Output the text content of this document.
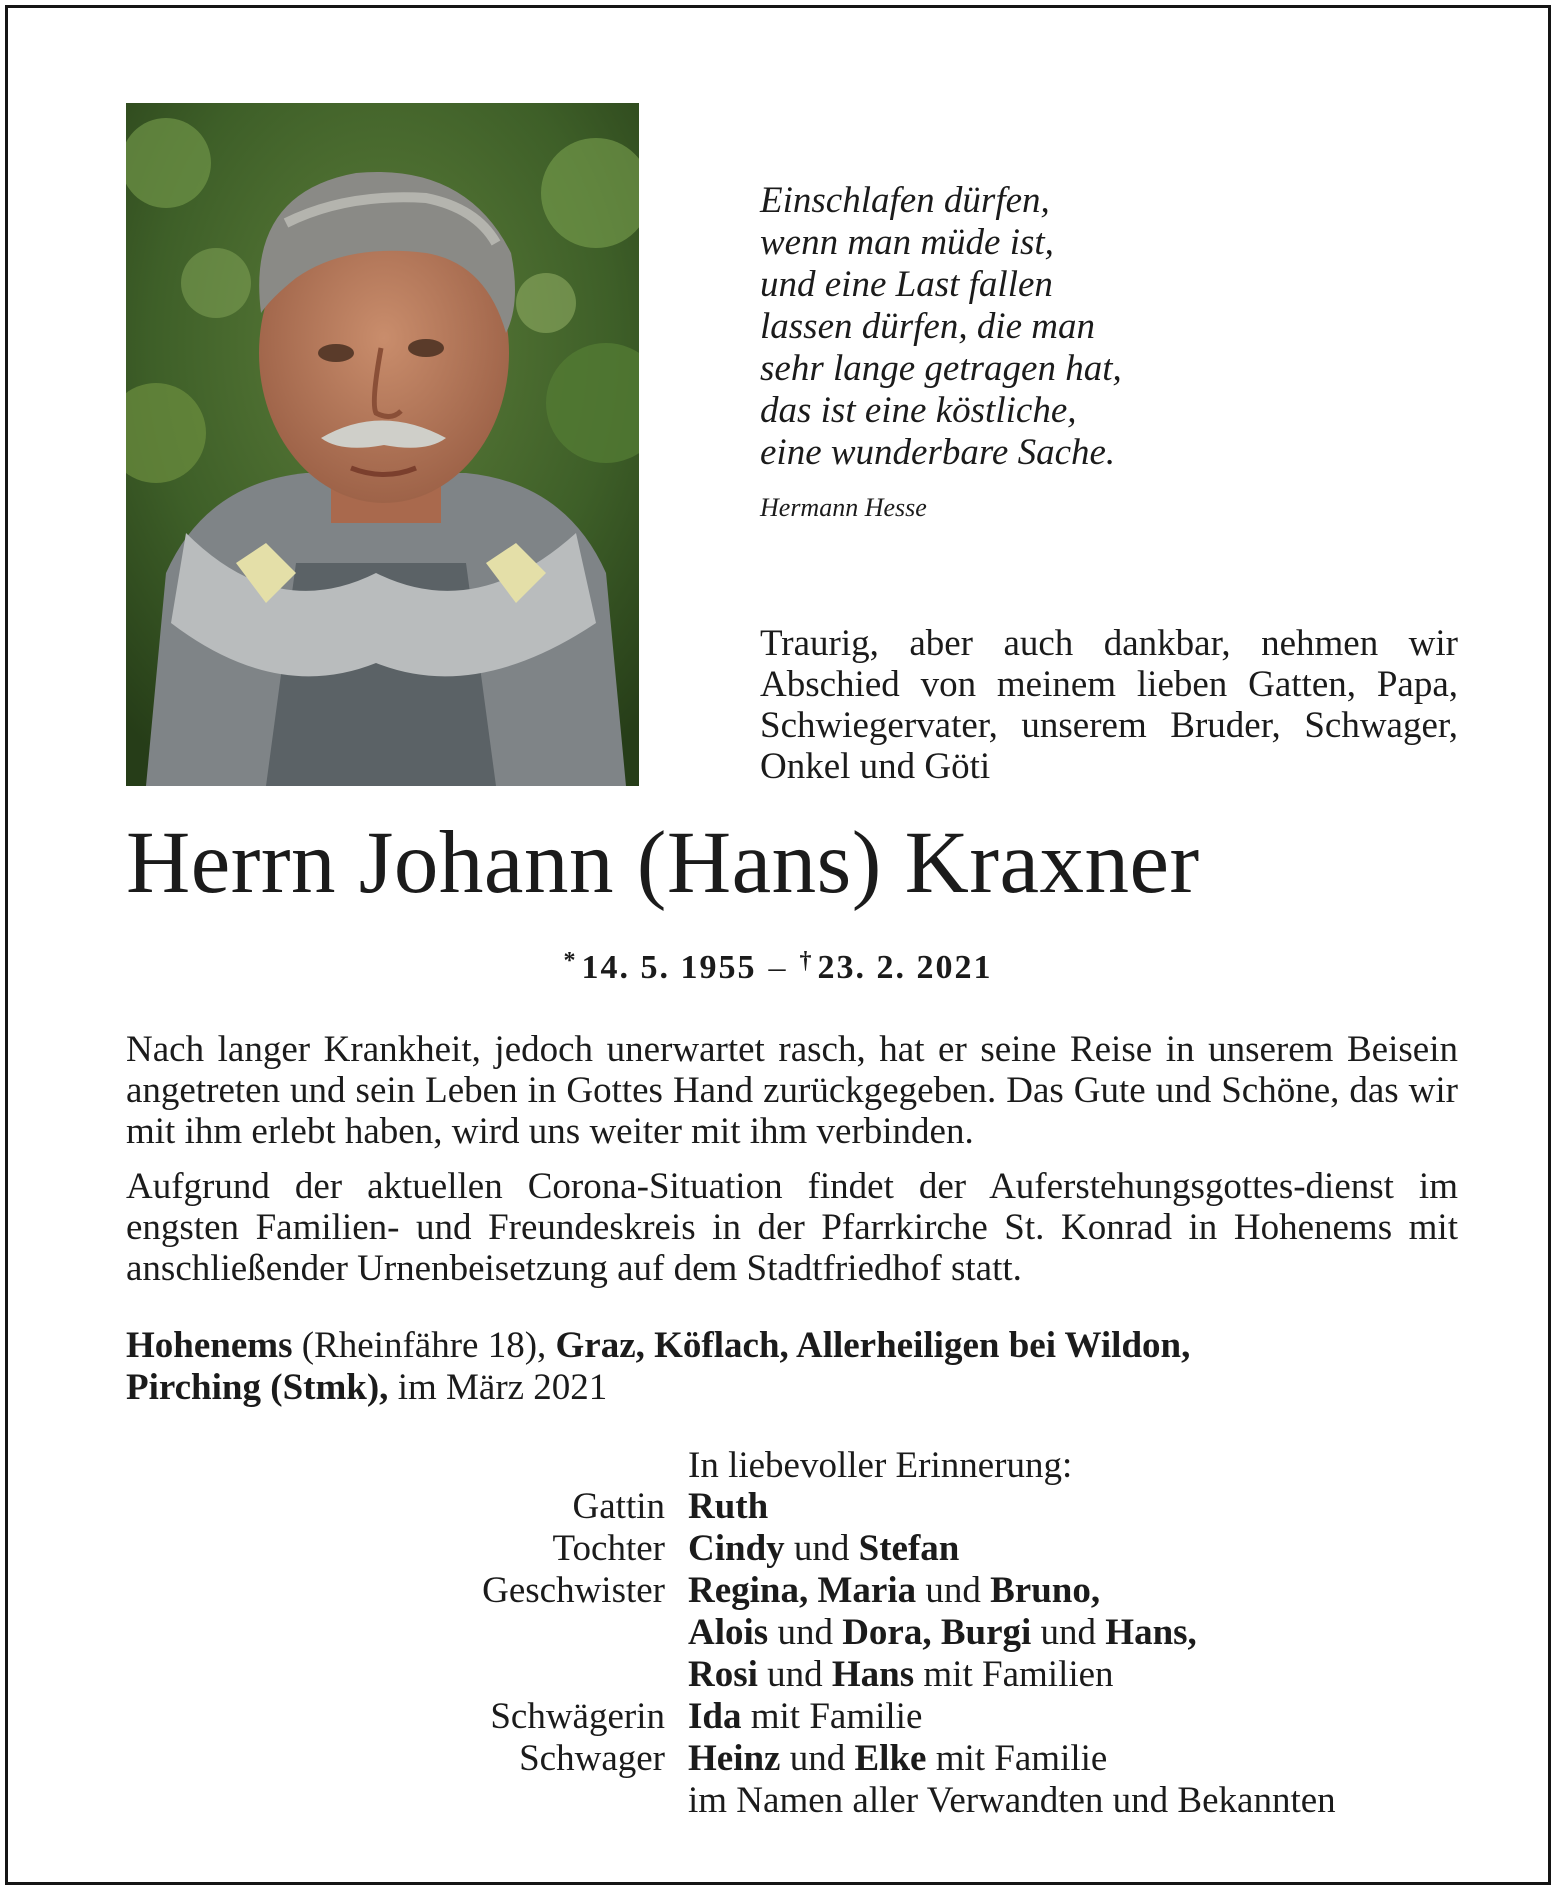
Einschlafen dürfen,
wenn man müde ist,
und eine Last fallen
lassen dürfen, die man
sehr lange getragen hat,
das ist eine köstliche,
eine wunderbare Sache.
Hermann Hesse
Traurig, aber auch dankbar, nehmen wir Abschied von meinem lieben Gatten, Papa, Schwiegervater, unserem Bruder, Schwager, Onkel und Göti
Herrn Johann (Hans) Kraxner
* 14. 5. 1955 – † 23. 2. 2021
Nach langer Krankheit, jedoch unerwartet rasch, hat er seine Reise in unserem Beisein angetreten und sein Leben in Gottes Hand zurückgegeben. Das Gute und Schöne, das wir mit ihm erlebt haben, wird uns weiter mit ihm verbinden.
Aufgrund der aktuellen Corona-Situation findet der Auferstehungsgottes-dienst im engsten Familien- und Freundeskreis in der Pfarrkirche St. Konrad in Hohenems mit anschließender Urnenbeisetzung auf dem Stadtfriedhof statt.
Hohenems (Rheinfähre 18), Graz, Köflach, Allerheiligen bei Wildon,
Pirching (Stmk), im März 2021
In liebevoller Erinnerung:
Gattin Ruth
Tochter Cindy und Stefan
Geschwister Regina, Maria und Bruno,
Alois und Dora, Burgi und Hans,
Rosi und Hans mit Familien
Schwägerin Ida mit Familie
Schwager Heinz und Elke mit Familie
im Namen aller Verwandten und Bekannten
